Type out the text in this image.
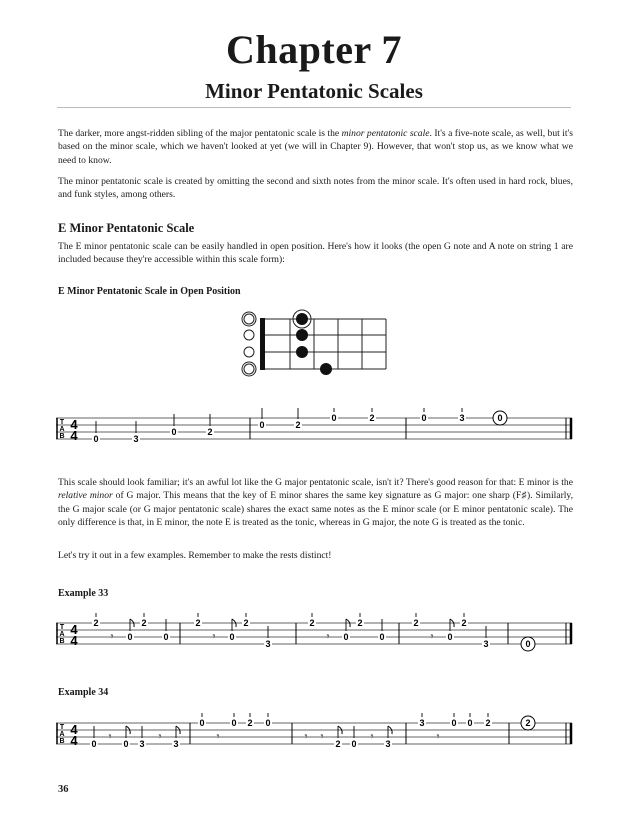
Chapter 7
Minor Pentatonic Scales
The darker, more angst-ridden sibling of the major pentatonic scale is the minor pentatonic scale. It's a five-note scale, as well, but it's based on the minor scale, which we haven't looked at yet (we will in Chapter 9). However, that won't stop us, as we know what we need to know.
The minor pentatonic scale is created by omitting the second and sixth notes from the minor scale. It's often used in hard rock, blues, and funk styles, among others.
E Minor Pentatonic Scale
The E minor pentatonic scale can be easily handled in open position. Here's how it looks (the open G note and A note on string 1 are included because they're accessible within this scale form):
E Minor Pentatonic Scale in Open Position
T
A
B
4
4 0	3
0	2
0	2
0	2	0	3	0
This scale should look familiar; it's an awful lot like the G major pentatonic scale, isn't it? There's good reason for that: E minor is the relative minor of G major. This means that the key of E minor shares the same key signature as G major: one sharp (F♯). Similarly, the G major scale (or G major pentatonic scale) shares the exact same notes as the E minor scale (or E minor pentatonic scale). The only difference is that, in E minor, the note E is treated as the tonic, whereas in G major, the note G is treated as the tonic.
Let's try it out in a few examples. Remember to make the rests distinct!
Example 33
T
A
B
4
4
2
𝄾 0
2
0
2
𝄾 0
2
3
2
𝄾 0
2
0
2
𝄾 0
2
3	0
Example 34
T
A
B
4
4 0
𝄾
0 3
𝄾
3
0
𝄾
0 2 0
𝄾 𝄾
2 0
𝄾
3
3
𝄾
0 0 2	2
36
